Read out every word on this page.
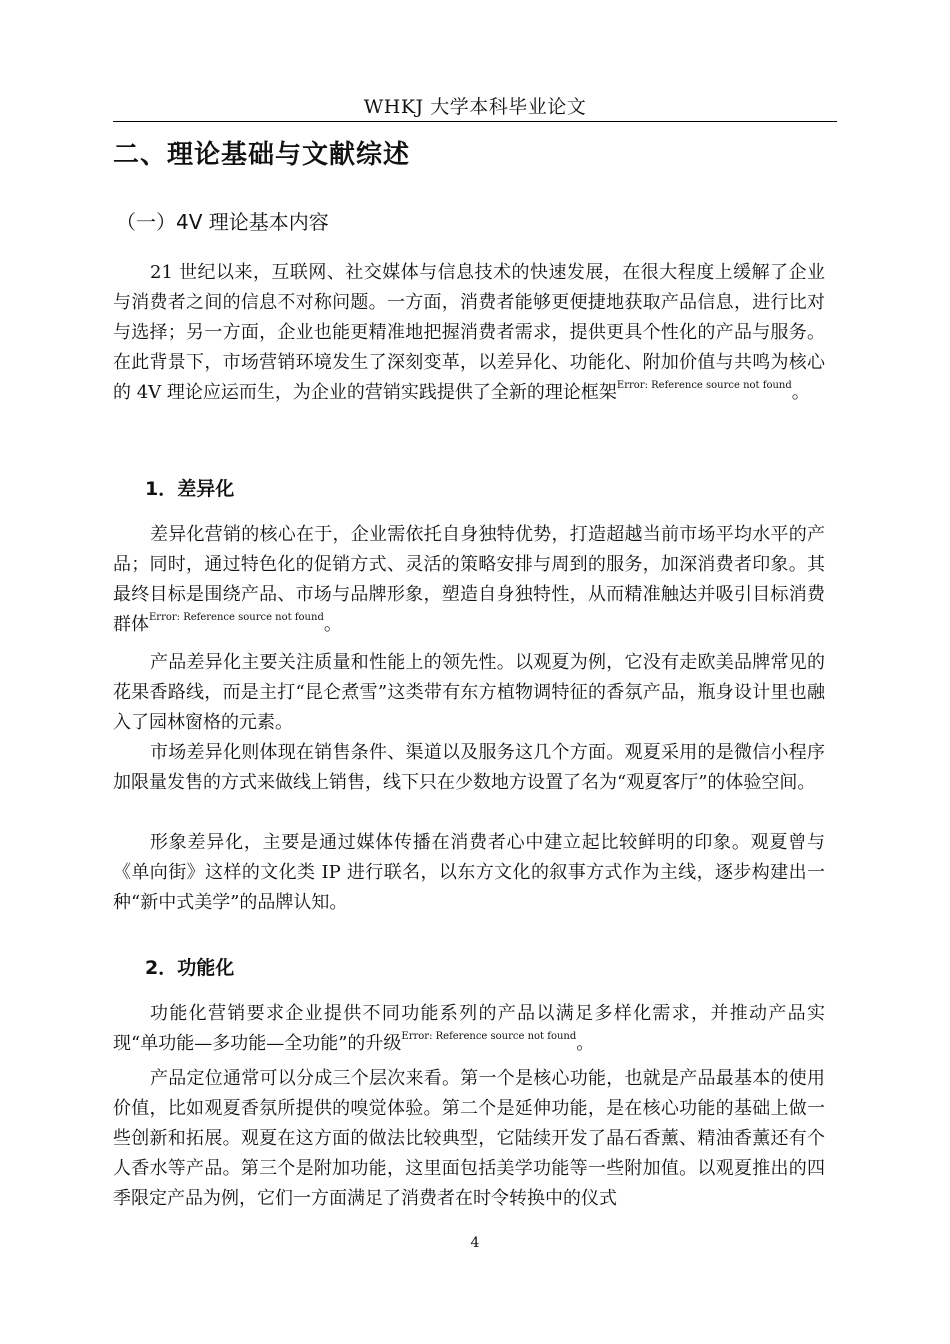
WHKJ 大学本科毕业论文
二、理论基础与文献综述
（一）4V 理论基本内容

21 世纪以来，互联网、社交媒体与信息技术的快速发展，在很大程度上缓解了企业与消费者之间的信息不对称问题。一方面，消费者能够更便捷地获取产品信息，进行比对与选择；另一方面，企业也能更精准地把握消费者需求，提供更具个性化的产品与服务。在此背景下，市场营销环境发生了深刻变革，以差异化、功能化、附加价值与共鸣为核心的 4V 理论应运而生，为企业的营销实践提供了全新的理论框架$^{Error: Reference source not found}$。

1．差异化

差异化营销的核心在于，企业需依托自身独特优势，打造超越当前市场平均水平的产品；同时，通过特色化的促销方式、灵活的策略安排与周到的服务，加深消费者印象。其最终目标是围绕产品、市场与品牌形象，塑造自身独特性，从而精准触达并吸引目标消费群体$^{Error: Reference source not found}$。

产品差异化主要关注质量和性能上的领先性。以观夏为例，它没有走欧美品牌常见的花果香路线，而是主打“昆仑煮雪”这类带有东方植物调特征的香氛产品，瓶身设计里也融入了园林窗格的元素。

市场差异化则体现在销售条件、渠道以及服务这几个方面。观夏采用的是微信小程序加限量发售的方式来做线上销售，线下只在少数地方设置了名为“观夏客厅”的体验空间。

形象差异化，主要是通过媒体传播在消费者心中建立起比较鲜明的印象。观夏曾与《单向街》这样的文化类 IP 进行联名，以东方文化的叙事方式作为主线，逐步构建出一种“新中式美学”的品牌认知。

2．功能化

功能化营销要求企业提供不同功能系列的产品以满足多样化需求，并推动产品实现“单功能—多功能—全功能”的升级$^{Error: Reference source not found}$。

产品定位通常可以分成三个层次来看。第一个是核心功能，也就是产品最基本的使用价值，比如观夏香氛所提供的嗅觉体验。第二个是延伸功能，是在核心功能的基础上做一些创新和拓展。观夏在这方面的做法比较典型，它陆续开发了晶石香薰、精油香薰还有个人香水等产品。第三个是附加功能，这里面包括美学功能等一些附加值。以观夏推出的四季限定产品为例，它们一方面满足了消费者在时令转换中的仪式

4
